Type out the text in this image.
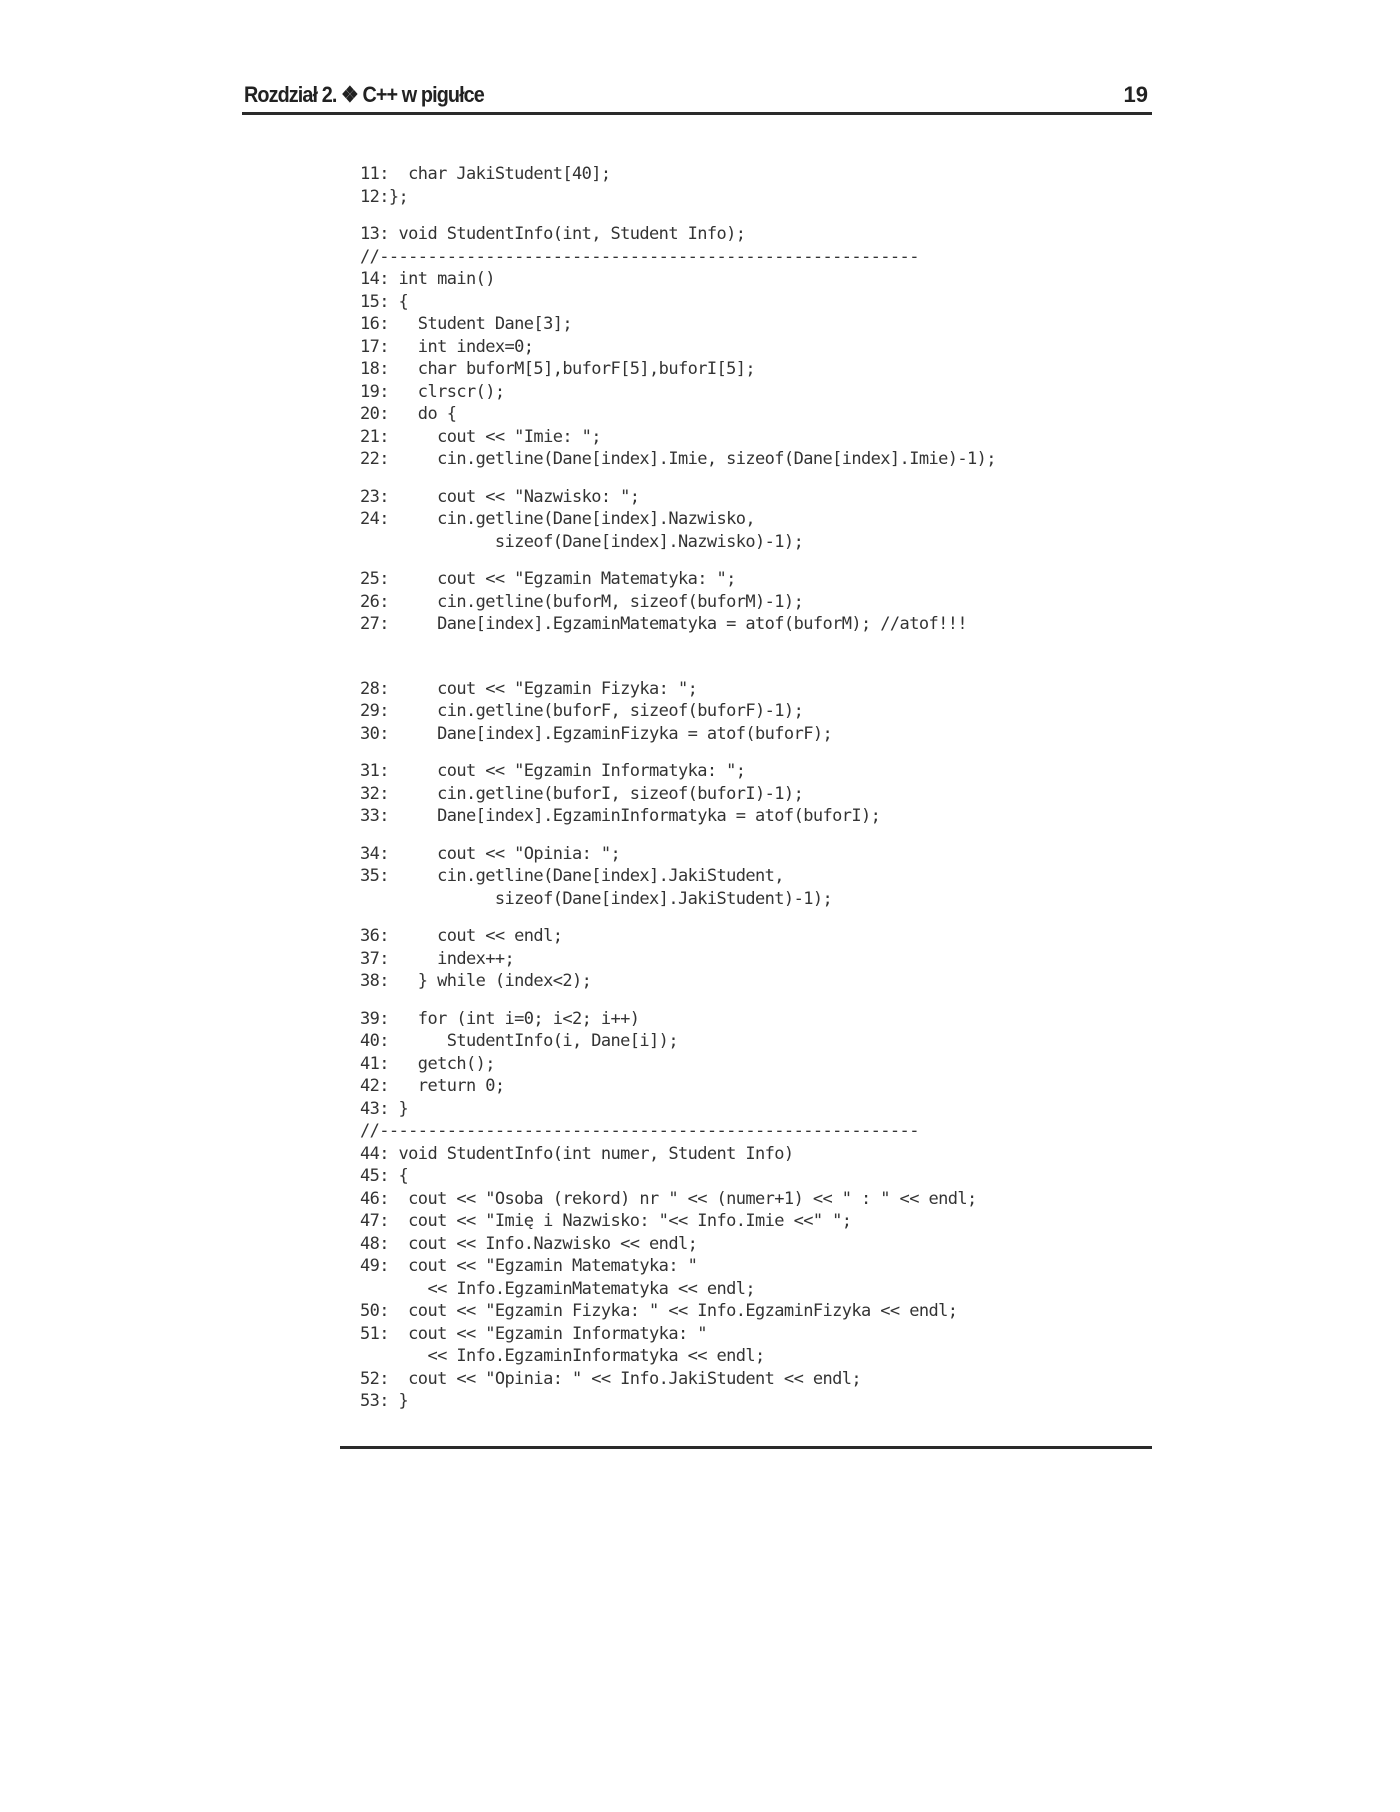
Rozdział 2. ❖ C++ w pigułce	19
11:  char JakiStudent[40];
12:};
13: void StudentInfo(int, Student Info);
//--------------------------------------------------------
14: int main()
15: {
16:   Student Dane[3];
17:   int index=0;
18:   char buforM[5],buforF[5],buforI[5];
19:   clrscr();
20:   do {
21:     cout << "Imie: ";
22:     cin.getline(Dane[index].Imie, sizeof(Dane[index].Imie)-1);
23:     cout << "Nazwisko: ";
24:     cin.getline(Dane[index].Nazwisko,
sizeof(Dane[index].Nazwisko)-1);
25:     cout << "Egzamin Matematyka: ";
26:     cin.getline(buforM, sizeof(buforM)-1);
27:     Dane[index].EgzaminMatematyka = atof(buforM); //atof!!!
28:     cout << "Egzamin Fizyka: ";
29:     cin.getline(buforF, sizeof(buforF)-1);
30:     Dane[index].EgzaminFizyka = atof(buforF);
31:     cout << "Egzamin Informatyka: ";
32:     cin.getline(buforI, sizeof(buforI)-1);
33:     Dane[index].EgzaminInformatyka = atof(buforI);
34:     cout << "Opinia: ";
35:     cin.getline(Dane[index].JakiStudent,
sizeof(Dane[index].JakiStudent)-1);
36:     cout << endl;
37:     index++;
38:   } while (index<2);
39:   for (int i=0; i<2; i++)
40:      StudentInfo(i, Dane[i]);
41:   getch();
42:   return 0;
43: }
//--------------------------------------------------------
44: void StudentInfo(int numer, Student Info)
45: {
46:  cout << "Osoba (rekord) nr " << (numer+1) << " : " << endl;
47:  cout << "Imię i Nazwisko: "<< Info.Imie <<" ";
48:  cout << Info.Nazwisko << endl;
49:  cout << "Egzamin Matematyka: "
<< Info.EgzaminMatematyka << endl;
50:  cout << "Egzamin Fizyka: " << Info.EgzaminFizyka << endl;
51:  cout << "Egzamin Informatyka: "
<< Info.EgzaminInformatyka << endl;
52:  cout << "Opinia: " << Info.JakiStudent << endl;
53: }
